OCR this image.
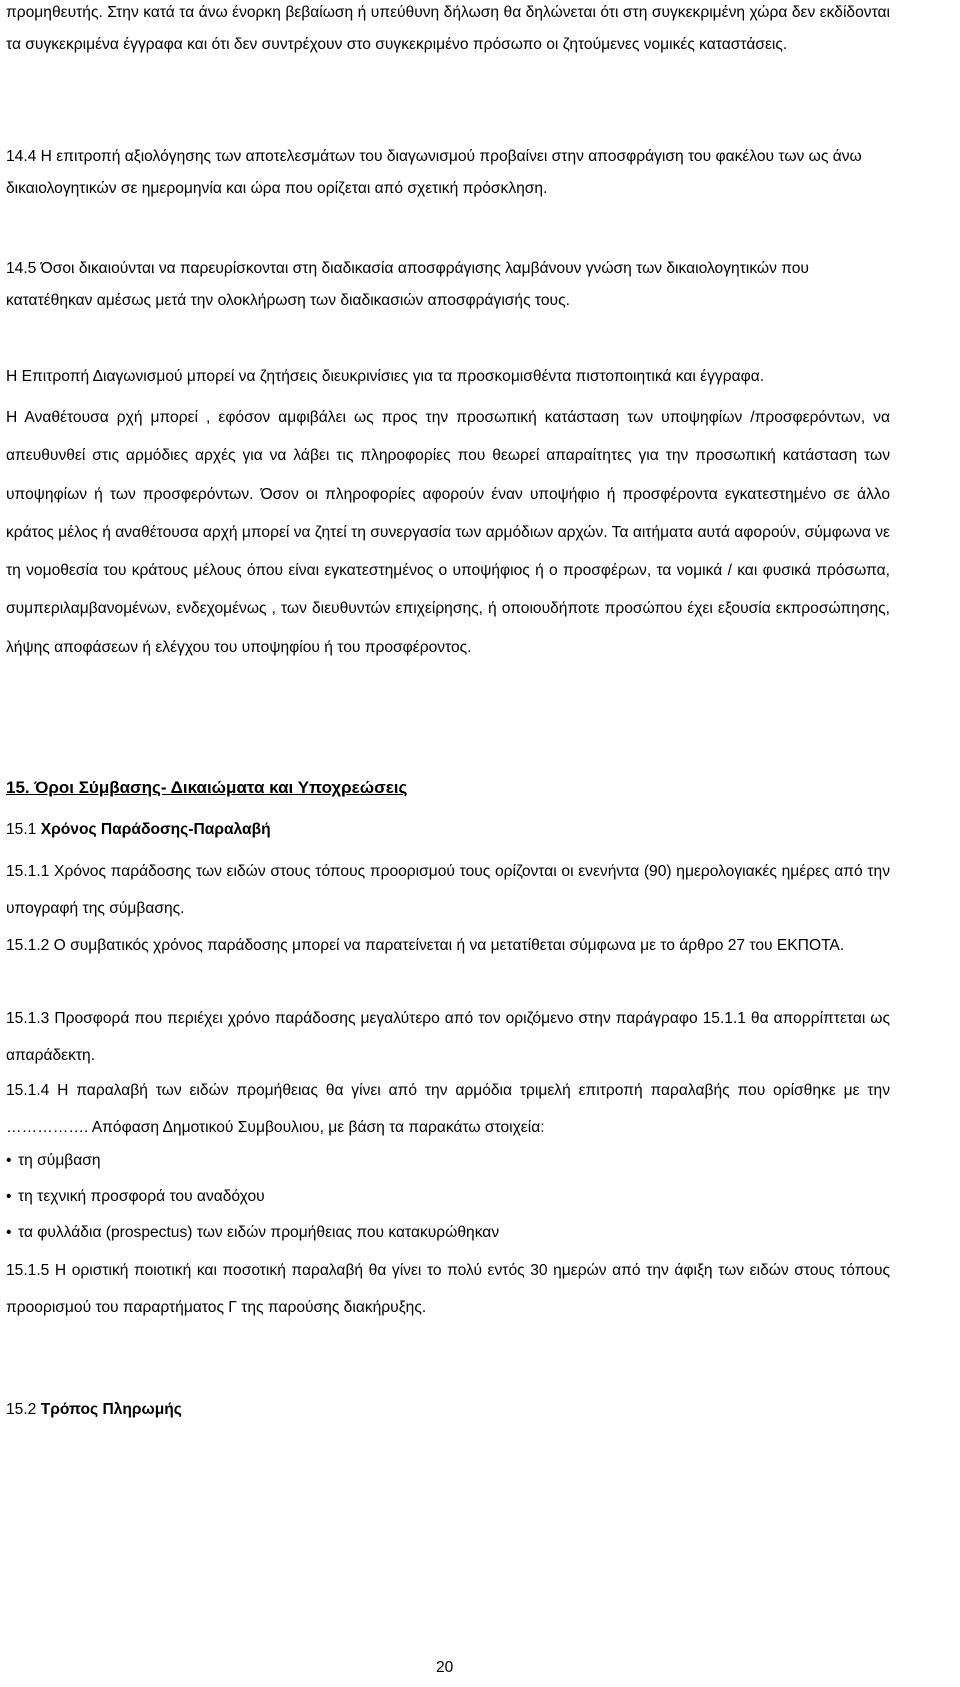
προμηθευτής. Στην κατά τα άνω ένορκη βεβαίωση ή υπεύθυνη δήλωση θα δηλώνεται ότι στη συγκεκριμένη χώρα δεν εκδίδονται τα συγκεκριμένα έγγραφα και ότι δεν συντρέχουν στο συγκεκριμένο πρόσωπο οι ζητούμενες νομικές καταστάσεις.

14.4 Η επιτροπή αξιολόγησης των αποτελεσμάτων του διαγωνισμού προβαίνει στην αποσφράγιση του φακέλου των ως άνω δικαιολογητικών σε ημερομηνία και ώρα που ορίζεται από σχετική πρόσκληση.

14.5 Όσοι δικαιούνται να παρευρίσκονται στη διαδικασία αποσφράγισης λαμβάνουν γνώση των δικαιολογητικών που κατατέθηκαν αμέσως μετά την ολοκλήρωση των διαδικασιών αποσφράγισής τους.

Η Επιτροπή Διαγωνισμού μπορεί να ζητήσεις διευκρινίσιες για τα προσκομισθέντα πιστοποιητικά και έγγραφα.

Η Αναθέτουσα ρχή μπορεί , εφόσον αμφιβάλει ως προς την προσωπική κατάσταση των υποψηφίων /προσφερόντων, να απευθυνθεί στις αρμόδιες αρχές για να λάβει τις πληροφορίες που θεωρεί απαραίτητες για την προσωπική κατάσταση των υποψηφίων ή των προσφερόντων. Όσον οι πληροφορίες αφορούν έναν υποψήφιο ή προσφέροντα εγκατεστημένο σε άλλο κράτος μέλος ή αναθέτουσα αρχή μπορεί να ζητεί τη συνεργασία των αρμόδιων αρχών. Τα αιτήματα αυτά αφορούν, σύμφωνα νε τη νομοθεσία του κράτους μέλους όπου είναι εγκατεστημένος ο υποψήφιος ή ο προσφέρων, τα νομικά / και φυσικά πρόσωπα, συμπεριλαμβανομένων, ενδεχομένως , των διευθυντών επιχείρησης, ή οποιουδήποτε προσώπου έχει εξουσία εκπροσώπησης, λήψης αποφάσεων ή ελέγχου του υποψηφίου ή του προσφέροντος.

15. Όροι Σύμβασης- Δικαιώματα και Υποχρεώσεις

15.1 Χρόνος Παράδοσης-Παραλαβή

15.1.1 Χρόνος παράδοσης των ειδών στους τόπους προορισμού τους ορίζονται οι ενενήντα (90) ημερολογιακές ημέρες από την υπογραφή της σύμβασης.

15.1.2 Ο συμβατικός χρόνος παράδοσης μπορεί να παρατείνεται ή να μετατίθεται σύμφωνα με το άρθρο 27 του ΕΚΠΟΤΑ.

15.1.3 Προσφορά που περιέχει χρόνο παράδοσης μεγαλύτερο από τον οριζόμενο στην παράγραφο 15.1.1 θα απορρίπτεται ως απαράδεκτη.

15.1.4 Η παραλαβή των ειδών προμήθειας θα γίνει από την αρμόδια τριμελή επιτροπή παραλαβής που ορίσθηκε με την ……………. Απόφαση Δημοτικού Συμβουλιου, με βάση τα παρακάτω στοιχεία:

• τη σύμβαση

• τη τεχνική προσφορά του αναδόχου

• τα φυλλάδια (prospectus) των ειδών προμήθειας που κατακυρώθηκαν

15.1.5 Η οριστική ποιοτική και ποσοτική παραλαβή θα γίνει το πολύ εντός 30 ημερών από την άφιξη των ειδών στους τόπους προορισμού του παραρτήματος Γ της παρούσης διακήρυξης.

15.2 Τρόπος Πληρωμής

20
